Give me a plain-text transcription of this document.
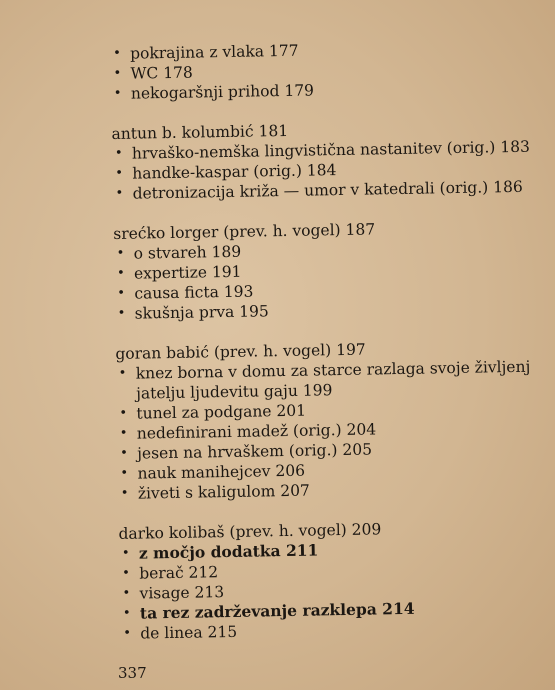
• pokrajina z vlaka 177

• WC 178

• nekogaršnji prihod 179

antun b. kolumbić 181

• hrvaško-nemška lingvistična nastanitev (orig.) 183

• handke-kaspar (orig.) 184

• detronizacija križa — umor v katedrali (orig.) 186

srećko lorger (prev. h. vogel) 187

• o stvareh 189

• expertize 191

• causa ficta 193

• skušnja prva 195

goran babić (prev. h. vogel) 197

• knez borna v domu za starce razlaga svoje življenj
jatelju ljudevitu gaju 199

• tunel za podgane 201

• nedefinirani madež (orig.) 204

• jesen na hrvaškem (orig.) 205

• nauk manihejcev 206

• živeti s kaligulom 207

darko kolibaš (prev. h. vogel) 209

• z močjo dodatka 211

• berač 212

• visage 213

• ta rez zadrževanje razklepa 214

• de linea 215

337
